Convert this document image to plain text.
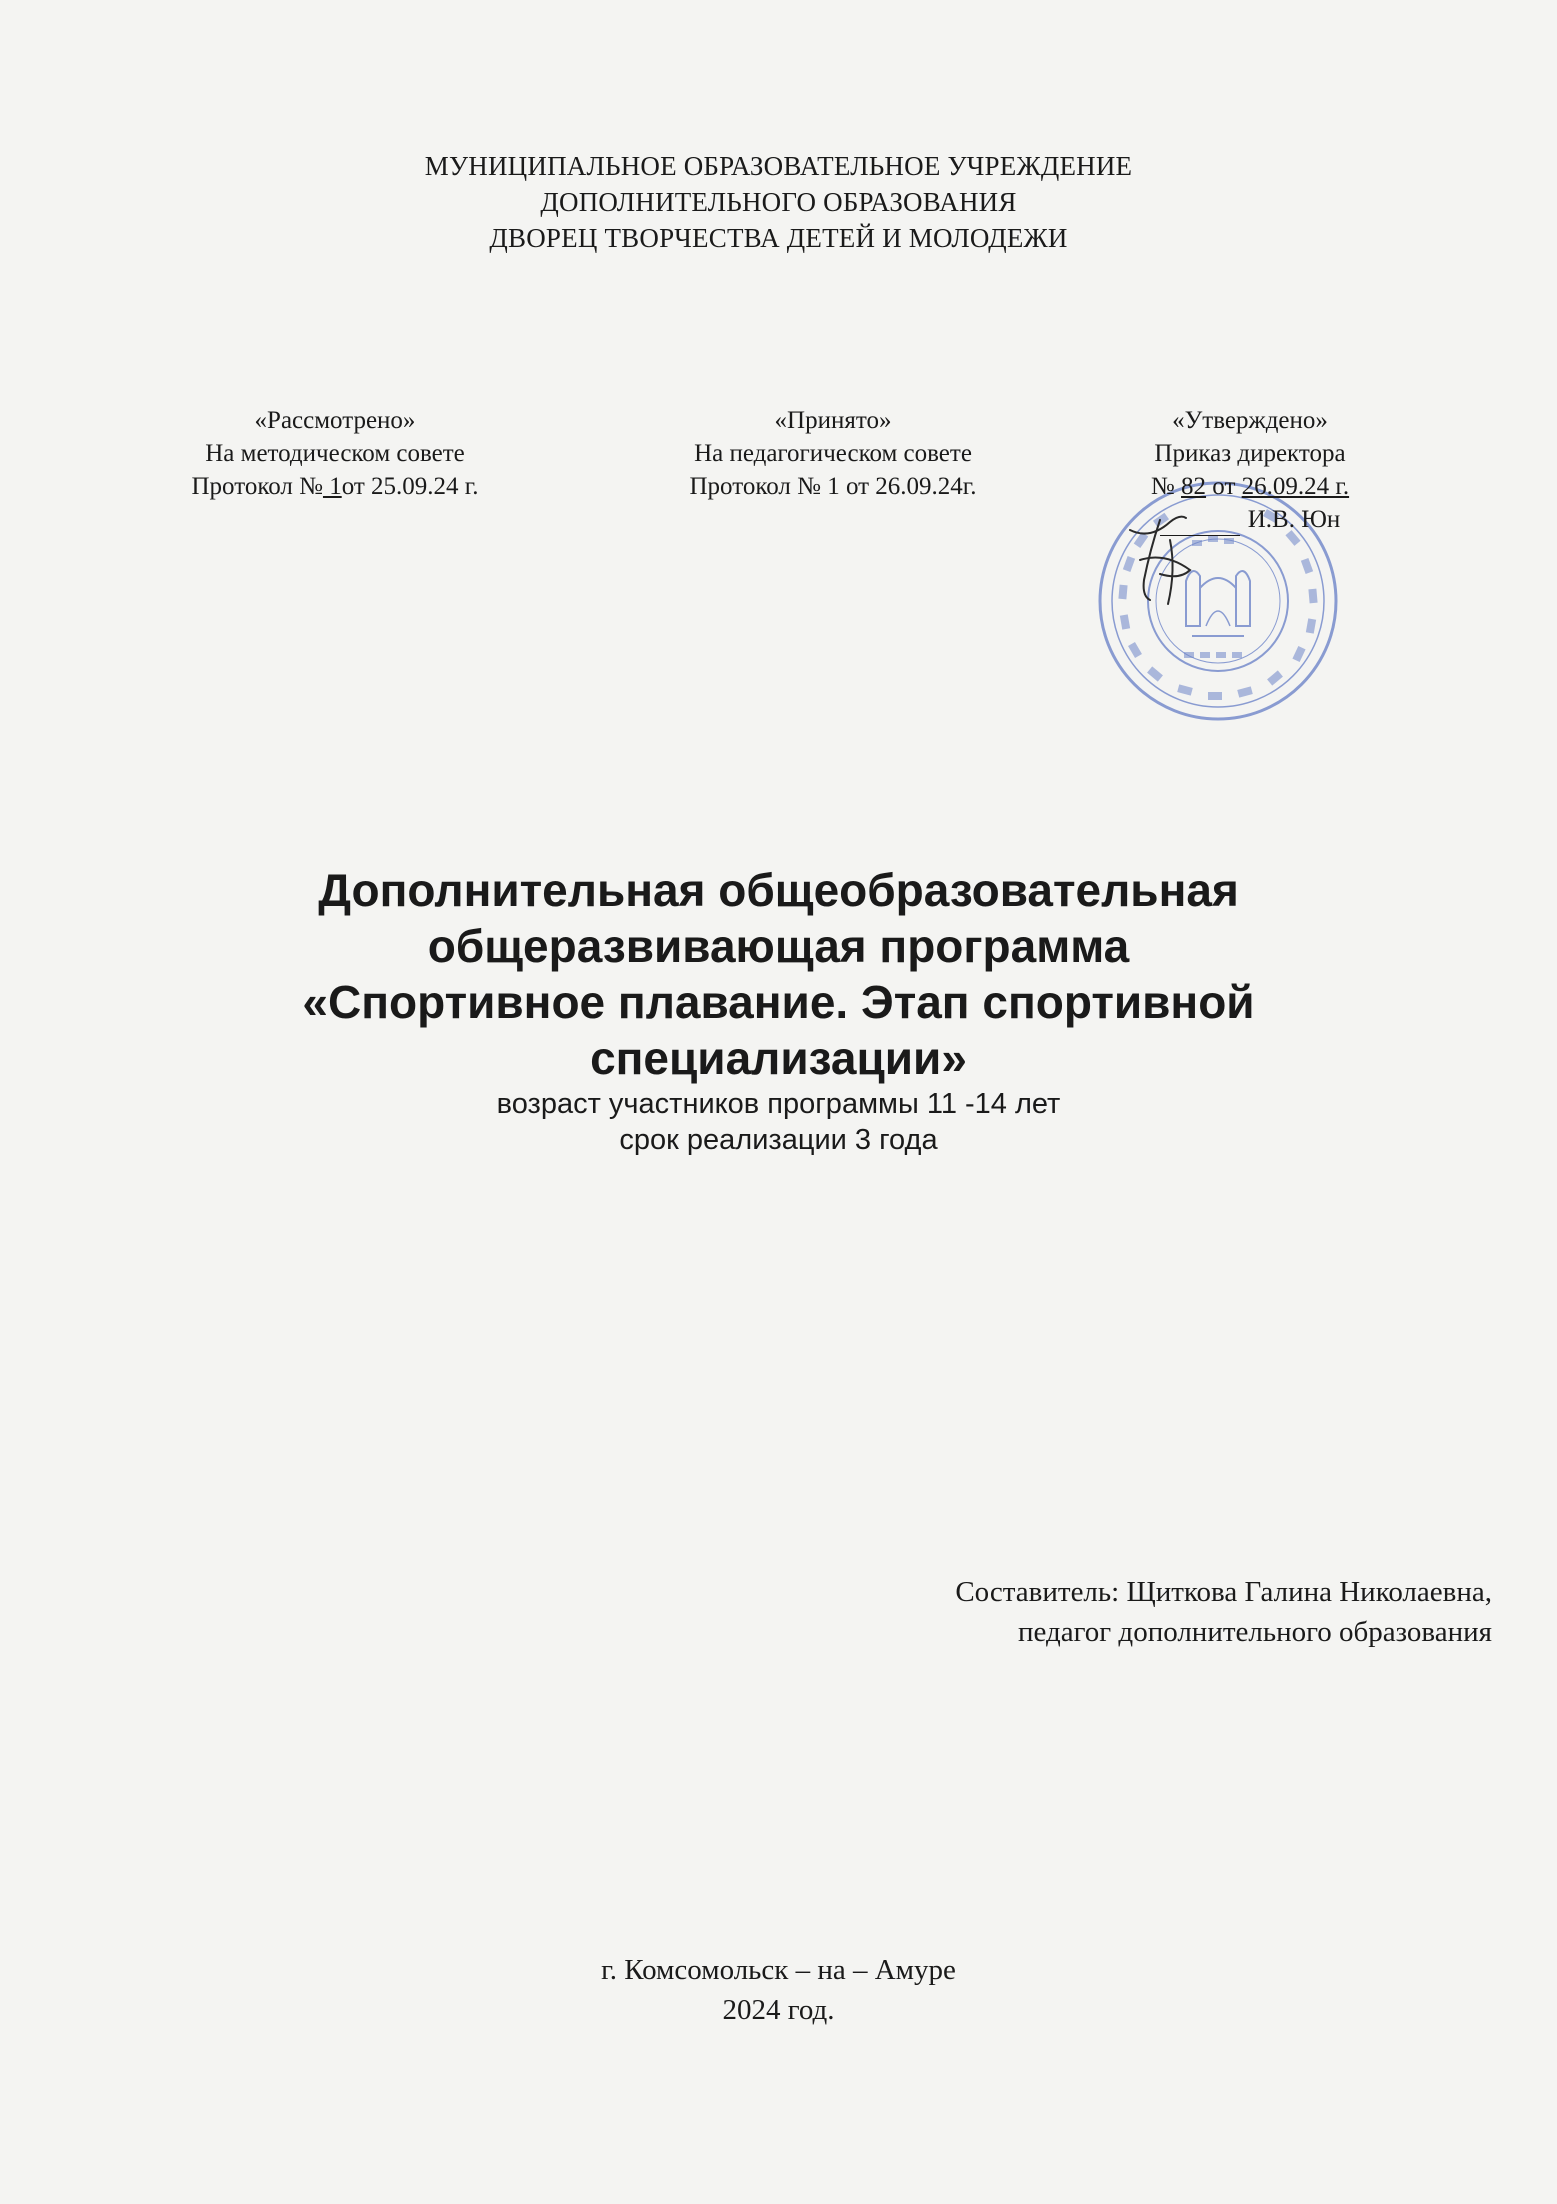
МУНИЦИПАЛЬНОЕ ОБРАЗОВАТЕЛЬНОЕ УЧРЕЖДЕНИЕ
ДОПОЛНИТЕЛЬНОГО ОБРАЗОВАНИЯ
ДВОРЕЦ ТВОРЧЕСТВА ДЕТЕЙ И МОЛОДЕЖИ
«Рассмотрено»
На методическом совете
Протокол № 1от 25.09.24 г.
«Принято»
На педагогическом совете
Протокол № 1 от 26.09.24г.
«Утверждено»
Приказ директора
№ 82 от 26.09.24 г.
И.В. Юн
Дополнительная общеобразовательная
общеразвивающая программа
«Спортивное плавание. Этап спортивной
специализации»
возраст участников программы 11 -14 лет
срок реализации 3 года
Составитель: Щиткова Галина Николаевна,
педагог дополнительного образования
г. Комсомольск – на – Амуре
2024 год.
